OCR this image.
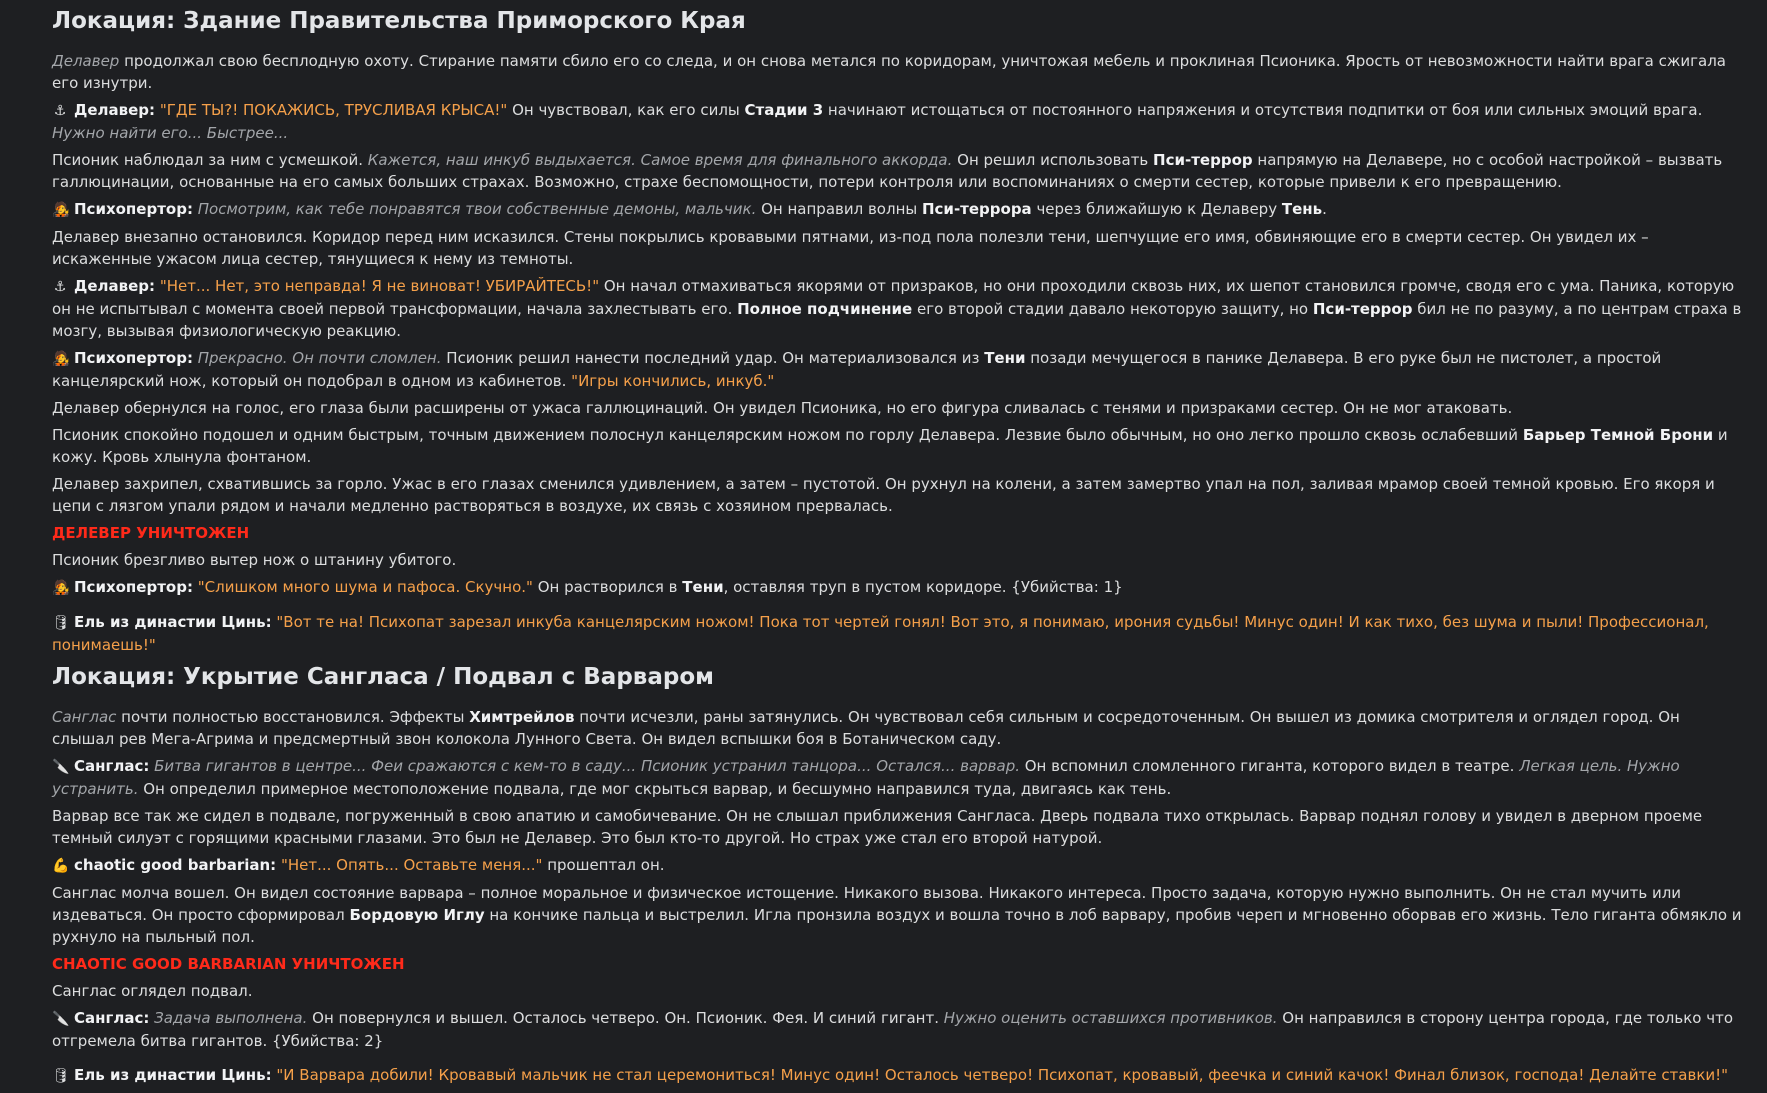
Локация: Здание Правительства Приморского Края

Делавер продолжал свою бесплодную охоту. Стирание памяти сбило его со следа, и он снова метался по коридорам, уничтожая мебель и проклиная Псионика. Ярость от невозможности найти врага сжигала его изнутри.

⚓ Делавер: "ГДЕ ТЫ?! ПОКАЖИСЬ, ТРУСЛИВАЯ КРЫСА!" Он чувствовал, как его силы Стадии 3 начинают истощаться от постоянного напряжения и отсутствия подпитки от боя или сильных эмоций врага. Нужно найти его... Быстрее...

Псионик наблюдал за ним с усмешкой. Кажется, наш инкуб выдыхается. Самое время для финального аккорда. Он решил использовать Пси-террор напрямую на Делавере, но с особой настройкой – вызвать галлюцинации, основанные на его самых больших страхах. Возможно, страхе беспомощности, потери контроля или воспоминаниях о смерти сестер, которые привели к его превращению.

🧑‍🎤 Психопертор: Посмотрим, как тебе понравятся твои собственные демоны, мальчик. Он направил волны Пси-террора через ближайшую к Делаверу Тень.

Делавер внезапно остановился. Коридор перед ним исказился. Стены покрылись кровавыми пятнами, из-под пола полезли тени, шепчущие его имя, обвиняющие его в смерти сестер. Он увидел их – искаженные ужасом лица сестер, тянущиеся к нему из темноты.

⚓ Делавер: "Нет... Нет, это неправда! Я не виноват! УБИРАЙТЕСЬ!" Он начал отмахиваться якорями от призраков, но они проходили сквозь них, их шепот становился громче, сводя его с ума. Паника, которую он не испытывал с момента своей первой трансформации, начала захлестывать его. Полное подчинение его второй стадии давало некоторую защиту, но Пси-террор бил не по разуму, а по центрам страха в мозгу, вызывая физиологическую реакцию.

🧑‍🎤 Психопертор: Прекрасно. Он почти сломлен. Псионик решил нанести последний удар. Он материализовался из Тени позади мечущегося в панике Делавера. В его руке был не пистолет, а простой канцелярский нож, который он подобрал в одном из кабинетов. "Игры кончились, инкуб."

Делавер обернулся на голос, его глаза были расширены от ужаса галлюцинаций. Он увидел Псионика, но его фигура сливалась с тенями и призраками сестер. Он не мог атаковать.

Псионик спокойно подошел и одним быстрым, точным движением полоснул канцелярским ножом по горлу Делавера. Лезвие было обычным, но оно легко прошло сквозь ослабевший Барьер Темной Брони и кожу. Кровь хлынула фонтаном.

Делавер захрипел, схватившись за горло. Ужас в его глазах сменился удивлением, а затем – пустотой. Он рухнул на колени, а затем замертво упал на пол, заливая мрамор своей темной кровью. Его якоря и цепи с лязгом упали рядом и начали медленно растворяться в воздухе, их связь с хозяином прервалась.

ДЕЛЕВЕР УНИЧТОЖЕН

Псионик брезгливо вытер нож о штанину убитого.

🧑‍🎤 Психопертор: "Слишком много шума и пафоса. Скучно." Он растворился в Тени, оставляя труп в пустом коридоре. {Убийства: 1}

🛢 Ель из династии Цинь: "Вот те на! Психопат зарезал инкуба канцелярским ножом! Пока тот чертей гонял! Вот это, я понимаю, ирония судьбы! Минус один! И как тихо, без шума и пыли! Профессионал, понимаешь!"

Локация: Укрытие Сангласа / Подвал с Варваром

Санглас почти полностью восстановился. Эффекты Химтрейлов почти исчезли, раны затянулись. Он чувствовал себя сильным и сосредоточенным. Он вышел из домика смотрителя и оглядел город. Он слышал рев Мега-Агрима и предсмертный звон колокола Лунного Света. Он видел вспышки боя в Ботаническом саду.

🔪 Санглас: Битва гигантов в центре... Феи сражаются с кем-то в саду... Псионик устранил танцора... Остался... варвар. Он вспомнил сломленного гиганта, которого видел в театре. Легкая цель. Нужно устранить. Он определил примерное местоположение подвала, где мог скрыться варвар, и бесшумно направился туда, двигаясь как тень.

Варвар все так же сидел в подвале, погруженный в свою апатию и самобичевание. Он не слышал приближения Сангласа. Дверь подвала тихо открылась. Варвар поднял голову и увидел в дверном проеме темный силуэт с горящими красными глазами. Это был не Делавер. Это был кто-то другой. Но страх уже стал его второй натурой.

💪 chaotic good barbarian: "Нет... Опять... Оставьте меня..." прошептал он.

Санглас молча вошел. Он видел состояние варвара – полное моральное и физическое истощение. Никакого вызова. Никакого интереса. Просто задача, которую нужно выполнить. Он не стал мучить или издеваться. Он просто сформировал Бордовую Иглу на кончике пальца и выстрелил. Игла пронзила воздух и вошла точно в лоб варвару, пробив череп и мгновенно оборвав его жизнь. Тело гиганта обмякло и рухнуло на пыльный пол.

CHAOTIC GOOD BARBARIAN УНИЧТОЖЕН

Санглас оглядел подвал.

🔪 Санглас: Задача выполнена. Он повернулся и вышел. Осталось четверо. Он. Псионик. Фея. И синий гигант. Нужно оценить оставшихся противников. Он направился в сторону центра города, где только что отгремела битва гигантов. {Убийства: 2}

🛢 Ель из династии Цинь: "И Варвара добили! Кровавый мальчик не стал церемониться! Минус один! Осталось четверо! Психопат, кровавый, феечка и синий качок! Финал близок, господа! Делайте ставки!"
